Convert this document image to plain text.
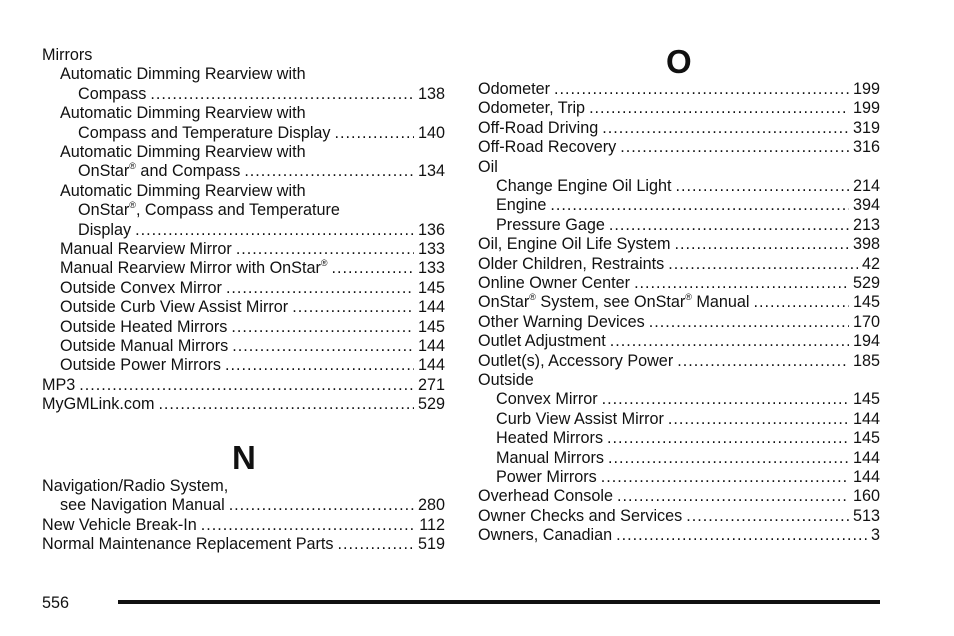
Mirrors
Automatic Dimming Rearview with
Compass .....	138
Automatic Dimming Rearview with
Compass and Temperature Display .....	140
Automatic Dimming Rearview with
OnStar® and Compass .....	134
Automatic Dimming Rearview with
OnStar®, Compass and Temperature
Display .....	136
Manual Rearview Mirror .....	133
Manual Rearview Mirror with OnStar® .....	133
Outside Convex Mirror .....	145
Outside Curb View Assist Mirror .....	144
Outside Heated Mirrors .....	145
Outside Manual Mirrors .....	144
Outside Power Mirrors .....	144
MP3 .....	271
MyGMLink.com .....	529
N
Navigation/Radio System,
see Navigation Manual .....	280
New Vehicle Break-In .....	112
Normal Maintenance Replacement Parts .....	519
O
Odometer .....	199
Odometer, Trip .....	199
Off-Road Driving .....	319
Off-Road Recovery .....	316
Oil
Change Engine Oil Light .....	214
Engine .....	394
Pressure Gage .....	213
Oil, Engine Oil Life System .....	398
Older Children, Restraints .....	42
Online Owner Center .....	529
OnStar® System, see OnStar® Manual .....	145
Other Warning Devices .....	170
Outlet Adjustment .....	194
Outlet(s), Accessory Power .....	185
Outside
Convex Mirror .....	145
Curb View Assist Mirror .....	144
Heated Mirrors .....	145
Manual Mirrors .....	144
Power Mirrors .....	144
Overhead Console .....	160
Owner Checks and Services .....	513
Owners, Canadian .....	3
556
